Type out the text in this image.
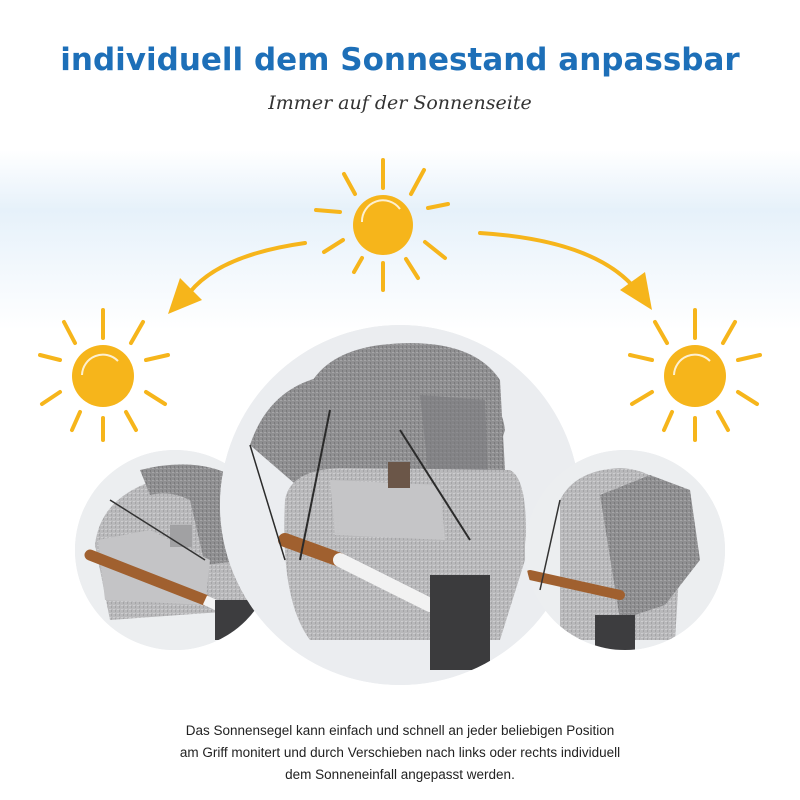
individuell dem Sonnestand anpassbar

Immer auf der Sonnenseite

Das Sonnensegel kann einfach und schnell an jeder beliebigen Position
am Griff monitert und durch Verschieben nach links oder rechts individuell
dem Sonneneinfall angepasst werden.
